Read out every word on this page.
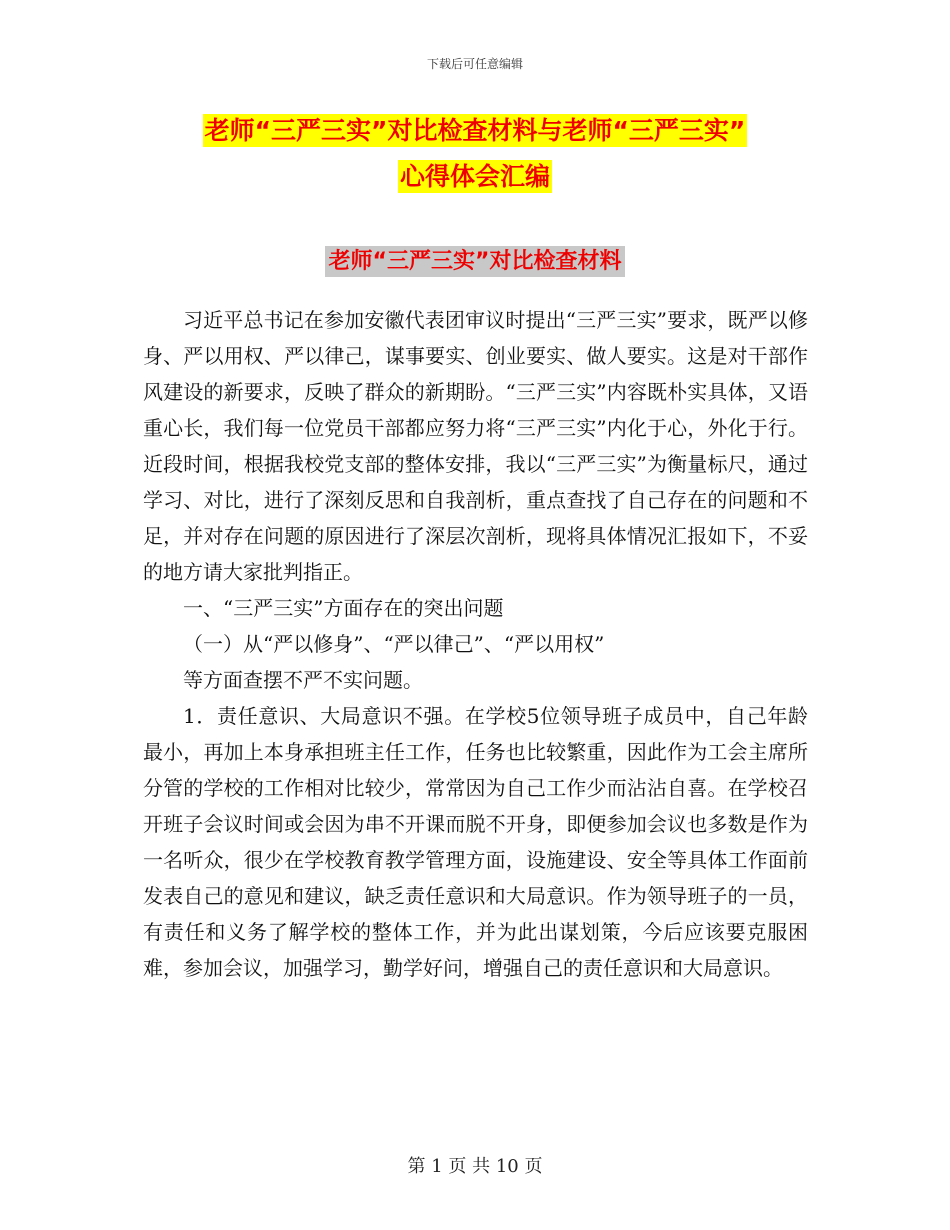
下载后可任意编辑
老师“三严三实”对比检查材料与老师“三严三实”
心得体会汇编
老师“三严三实”对比检查材料

习近平总书记在参加安徽代表团审议时提出“三严三实”要求，既严以修身、严以用权、严以律己，谋事要实、创业要实、做人要实。这是对干部作风建设的新要求，反映了群众的新期盼。“三严三实”内容既朴实具体，又语重心长，我们每一位党员干部都应努力将“三严三实”内化于心，外化于行。近段时间，根据我校党支部的整体安排，我以“三严三实”为衡量标尺，通过学习、对比，进行了深刻反思和自我剖析，重点查找了自己存在的问题和不足，并对存在问题的原因进行了深层次剖析，现将具体情况汇报如下，不妥的地方请大家批判指正。

一、“三严三实”方面存在的突出问题

（一）从“严以修身”、“严以律己”、“严以用权”

等方面查摆不严不实问题。

1．责任意识、大局意识不强。在学校5位领导班子成员中，自己年龄最小，再加上本身承担班主任工作，任务也比较繁重，因此作为工会主席所分管的学校的工作相对比较少，常常因为自己工作少而沾沾自喜。在学校召开班子会议时间或会因为串不开课而脱不开身，即便参加会议也多数是作为一名听众，很少在学校教育教学管理方面，设施建设、安全等具体工作面前发表自己的意见和建议，缺乏责任意识和大局意识。作为领导班子的一员，有责任和义务了解学校的整体工作，并为此出谋划策，今后应该要克服困难，参加会议，加强学习，勤学好问，增强自己的责任意识和大局意识。

第 1 页 共 10 页
